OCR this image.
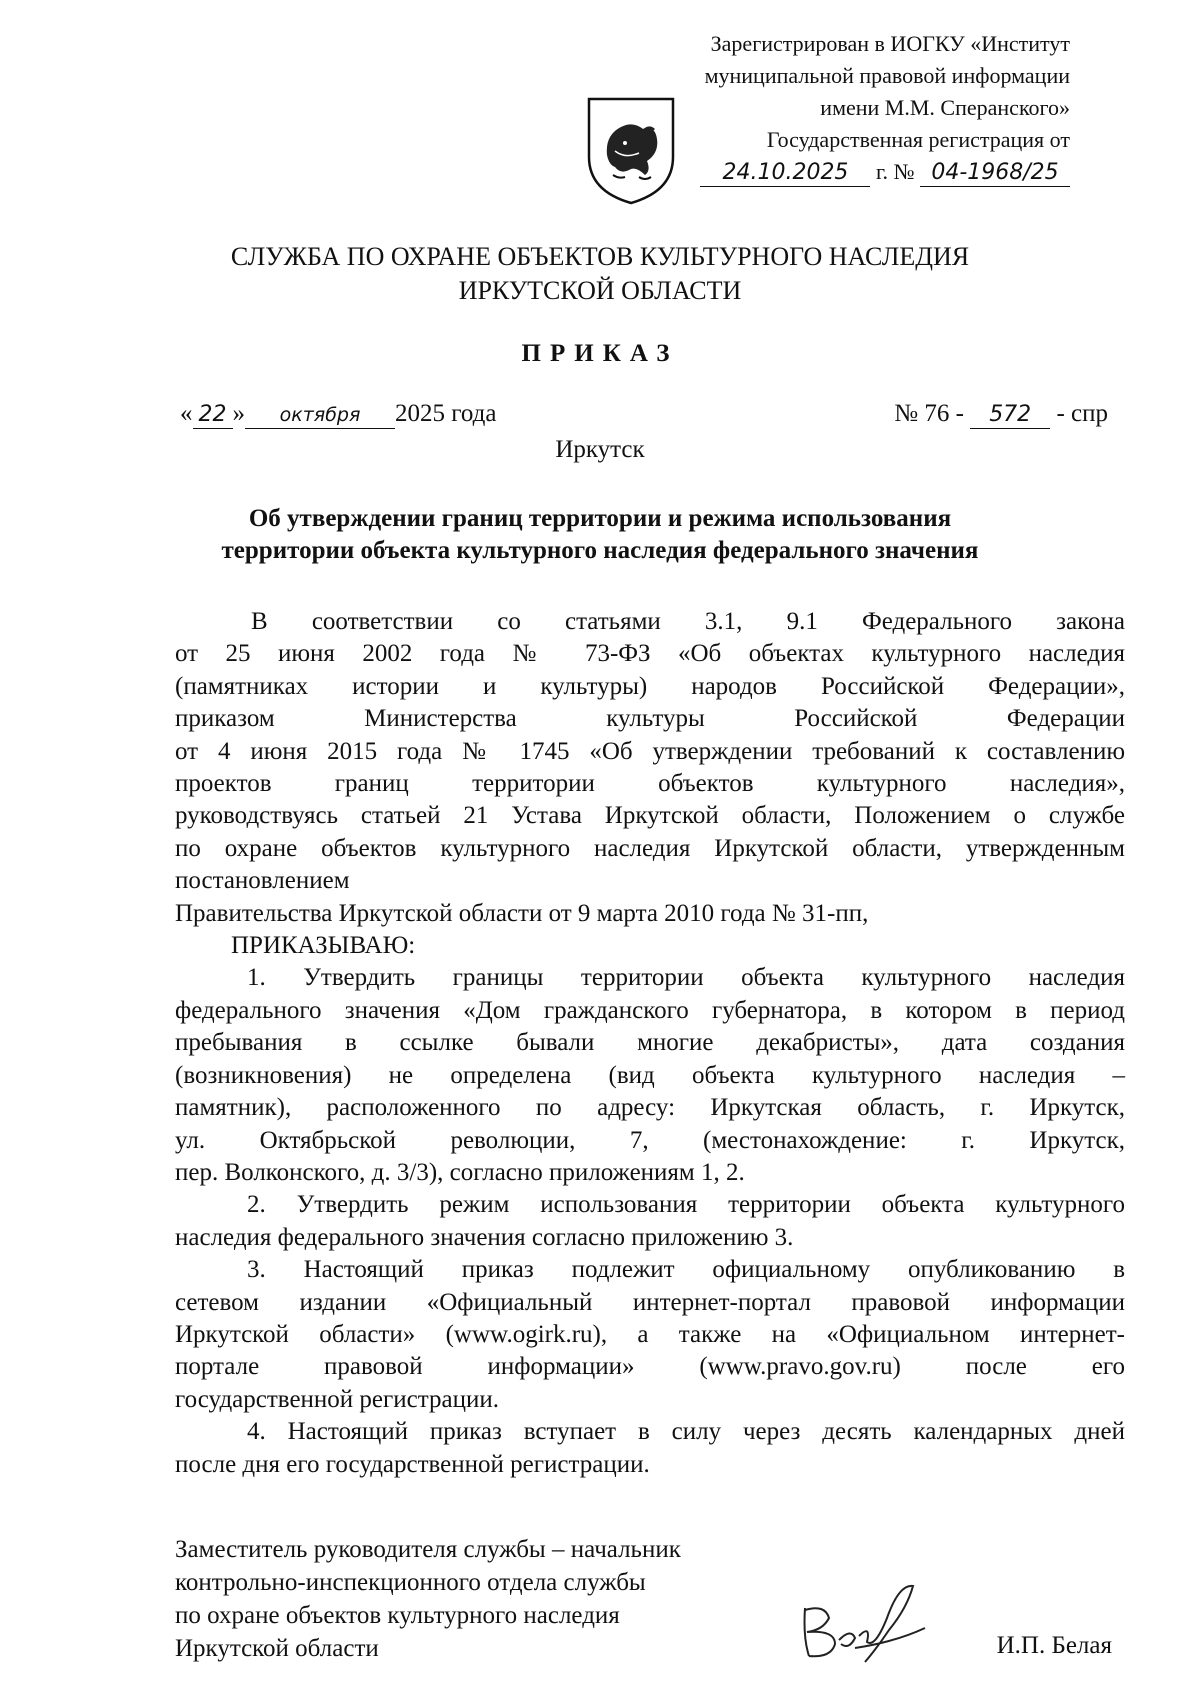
Зарегистрирован в ИОГКУ «Институт
муниципальной правовой информации
имени М.М. Сперанского»
Государственная регистрация от
24.10.2025 г. № 04-1968/25
СЛУЖБА ПО ОХРАНЕ ОБЪЕКТОВ КУЛЬТУРНОГО НАСЛЕДИЯ
ИРКУТСКОЙ ОБЛАСТИ
ПРИКАЗ
« 22 » октября 2025 года	№ 76 - 572 - спр
Иркутск
Об утверждении границ территории и режима использования
территории объекта культурного наследия федерального значения

В соответствии со статьями 3.1, 9.1 Федерального закона

от 25 июня 2002 года № 73-ФЗ «Об объектах культурного наследия

(памятниках истории и культуры) народов Российской Федерации»,

приказом Министерства культуры Российской Федерации

от 4 июня 2015 года № 1745 «Об утверждении требований к составлению

проектов границ территории объектов культурного наследия»,

руководствуясь статьей 21 Устава Иркутской области, Положением о службе

по охране объектов культурного наследия Иркутской области, утвержденным

постановлением

Правительства Иркутской области от 9 марта 2010 года № 31-пп,

ПРИКАЗЫВАЮ:

1. Утвердить границы территории объекта культурного наследия

федерального значения «Дом гражданского губернатора, в котором в период

пребывания в ссылке бывали многие декабристы», дата создания

(возникновения) не определена (вид объекта культурного наследия –

памятник), расположенного по адресу: Иркутская область, г. Иркутск,

ул. Октябрьской революции, 7, (местонахождение: г. Иркутск,

пер. Волконского, д. 3/3), согласно приложениям 1, 2.

2. Утвердить режим использования территории объекта культурного

наследия федерального значения согласно приложению 3.

3. Настоящий приказ подлежит официальному опубликованию в

сетевом издании «Официальный интернет-портал правовой информации

Иркутской области» (www.ogirk.ru), а также на «Официальном интернет-

портале правовой информации» (www.pravo.gov.ru) после его

государственной регистрации.

4. Настоящий приказ вступает в силу через десять календарных дней

после дня его государственной регистрации.

Заместитель руководителя службы – начальник
контрольно-инспекционного отдела службы
по охране объектов культурного наследия
Иркутской области	И.П. Белая
